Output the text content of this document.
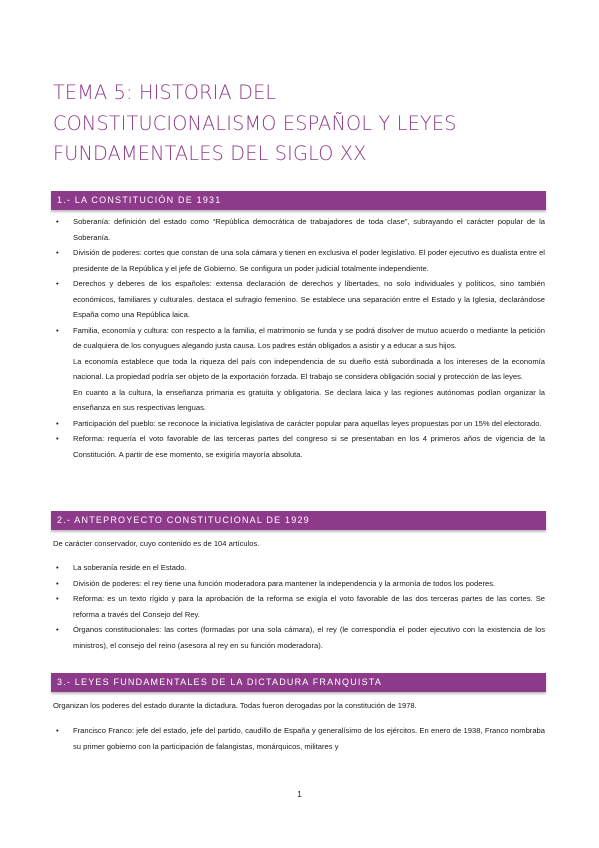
TEMA 5: HISTORIA DEL
CONSTITUCIONALISMO ESPAÑOL Y LEYES
FUNDAMENTALES DEL SIGLO XX
1.- LA CONSTITUCIÓN DE 1931
• Soberanía: definición del estado como “República democrática de trabajadores de toda clase”, subrayando el carácter popular de la Soberanía.
• División de poderes: cortes que constan de una sola cámara y tienen en exclusiva el poder legislativo. El poder ejecutivo es dualista entre el presidente de la República y el jefe de Gobierno. Se configura un poder judicial totalmente independiente.
• Derechos y deberes de los españoles: extensa declaración de derechos y libertades, no solo individuales y políticos, sino también económicos, familiares y culturales. destaca el sufragio femenino. Se establece una separación entre el Estado y la Iglesia, declarándose España como una República laica.
• Familia, economía y cultura: con respecto a la familia, el matrimonio se funda y se podrá disolver de mutuo acuerdo o mediante la petición de cualquiera de los conyugues alegando justa causa. Los padres están obligados a asistir y a educar a sus hijos.
La economía establece que toda la riqueza del país con independencia de su dueño está subordinada a los intereses de la economía nacional. La propiedad podría ser objeto de la exportación forzada. El trabajo se considera obligación social y protección de las leyes.
En cuanto a la cultura, la enseñanza primaria es gratuita y obligatoria. Se declara laica y las regiones autónomas podían organizar la enseñanza en sus respectivas lenguas.
• Participación del pueblo: se reconoce la iniciativa legislativa de carácter popular para aquellas leyes propuestas por un 15% del electorado.
• Reforma: requería el voto favorable de las terceras partes del congreso si se presentaban en los 4 primeros años de vigencia de la Constitución. A partir de ese momento, se exigiría mayoría absoluta.
2.- ANTEPROYECTO CONSTITUCIONAL DE 1929

De carácter conservador, cuyo contenido es de 104 artículos.

• La soberanía reside en el Estado.
• División de poderes: el rey tiene una función moderadora para mantener la independencia y la armonía de todos los poderes.
• Reforma: es un texto rígido y para la aprobación de la reforma se exigía el voto favorable de las dos terceras partes de las cortes. Se reforma a través del Consejo del Rey.
• Órganos constitucionales: las cortes (formadas por una sola cámara), el rey (le correspondía el poder ejecutivo con la existencia de los ministros), el consejo del reino (asesora al rey en su función moderadora).
3.- LEYES FUNDAMENTALES DE LA DICTADURA FRANQUISTA

Organizan los poderes del estado durante la dictadura. Todas fueron derogadas por la constitución de 1978.

• Francisco Franco: jefe del estado, jefe del partido, caudillo de España y generalísimo de los ejércitos. En enero de 1938, Franco nombraba su primer gobierno con la participación de falangistas, monárquicos, militares y
1
